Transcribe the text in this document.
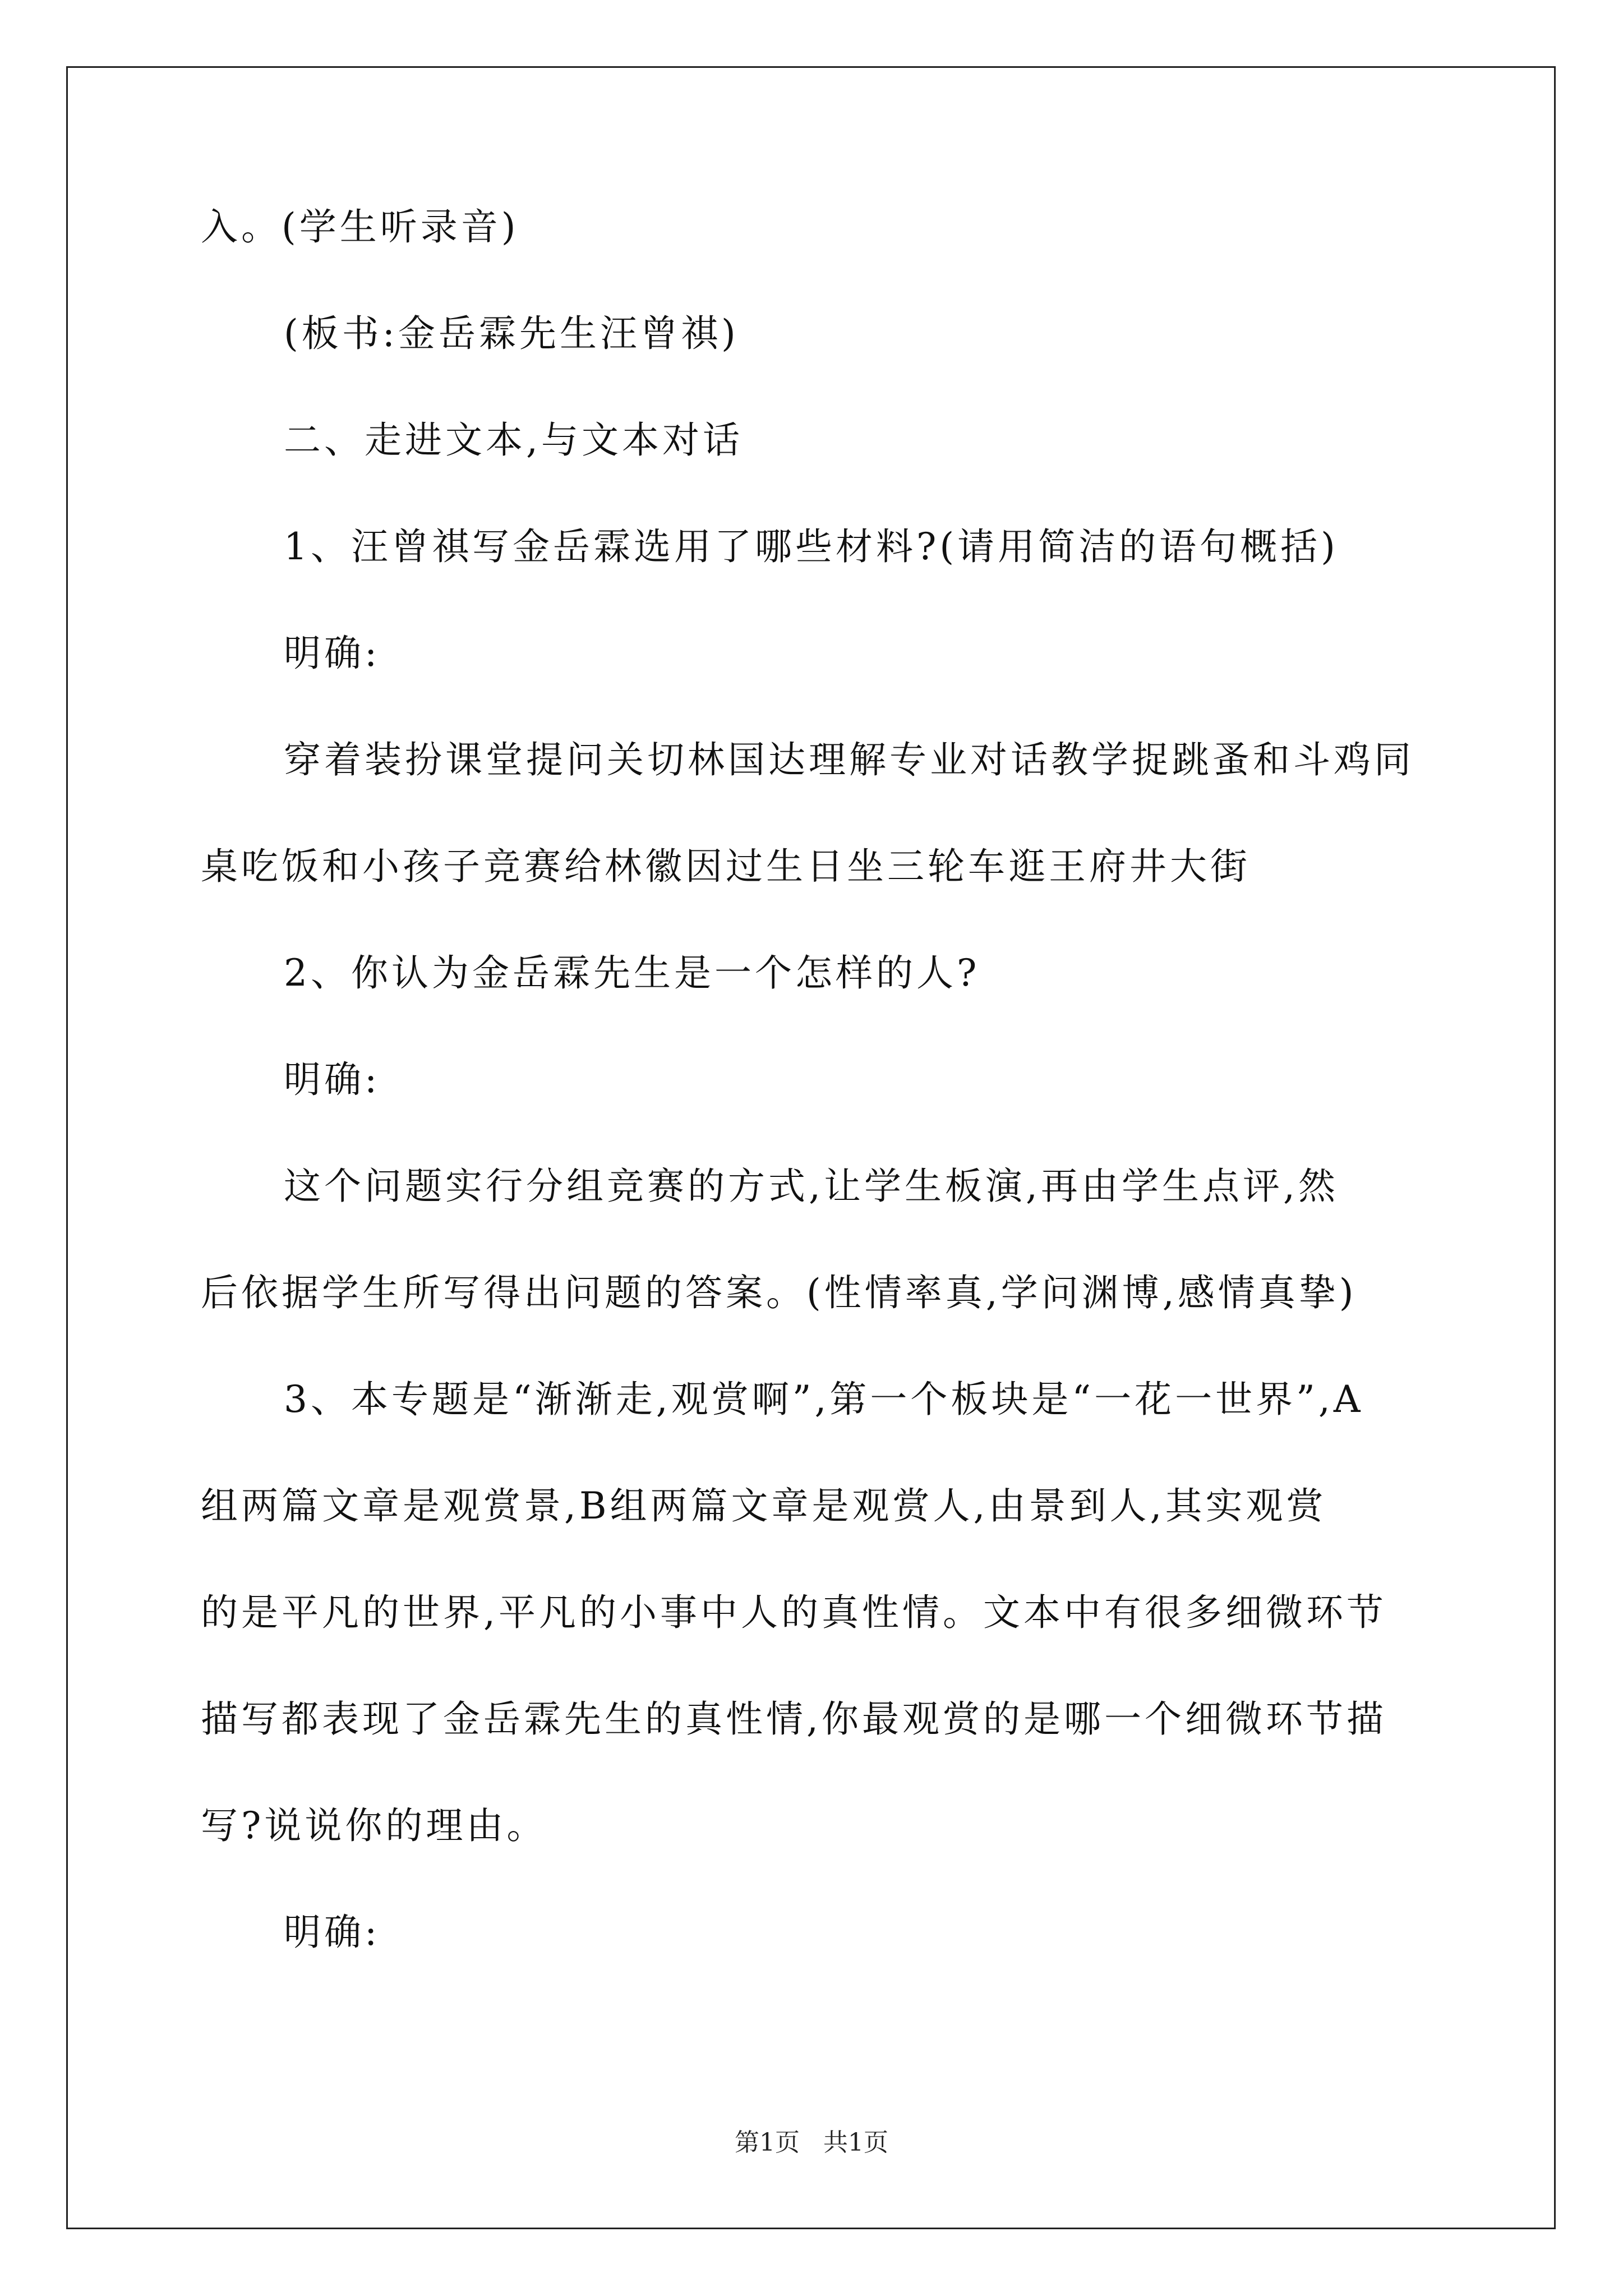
入。(学生听录音)
(板书:金岳霖先生汪曾祺)
二、走进文本,与文本对话
1、汪曾祺写金岳霖选用了哪些材料?(请用简洁的语句概括)
明确:
穿着装扮课堂提问关切林国达理解专业对话教学捉跳蚤和斗鸡同
桌吃饭和小孩子竞赛给林徽因过生日坐三轮车逛王府井大街
2、你认为金岳霖先生是一个怎样的人?
明确:
这个问题实行分组竞赛的方式,让学生板演,再由学生点评,然
后依据学生所写得出问题的答案。(性情率真,学问渊博,感情真挚)
3、本专题是“渐渐走,观赏啊”,第一个板块是“一花一世界”,A
组两篇文章是观赏景,B组两篇文章是观赏人,由景到人,其实观赏
的是平凡的世界,平凡的小事中人的真性情。文本中有很多细微环节
描写都表现了金岳霖先生的真性情,你最观赏的是哪一个细微环节描
写?说说你的理由。
明确:
第1页   共1页
